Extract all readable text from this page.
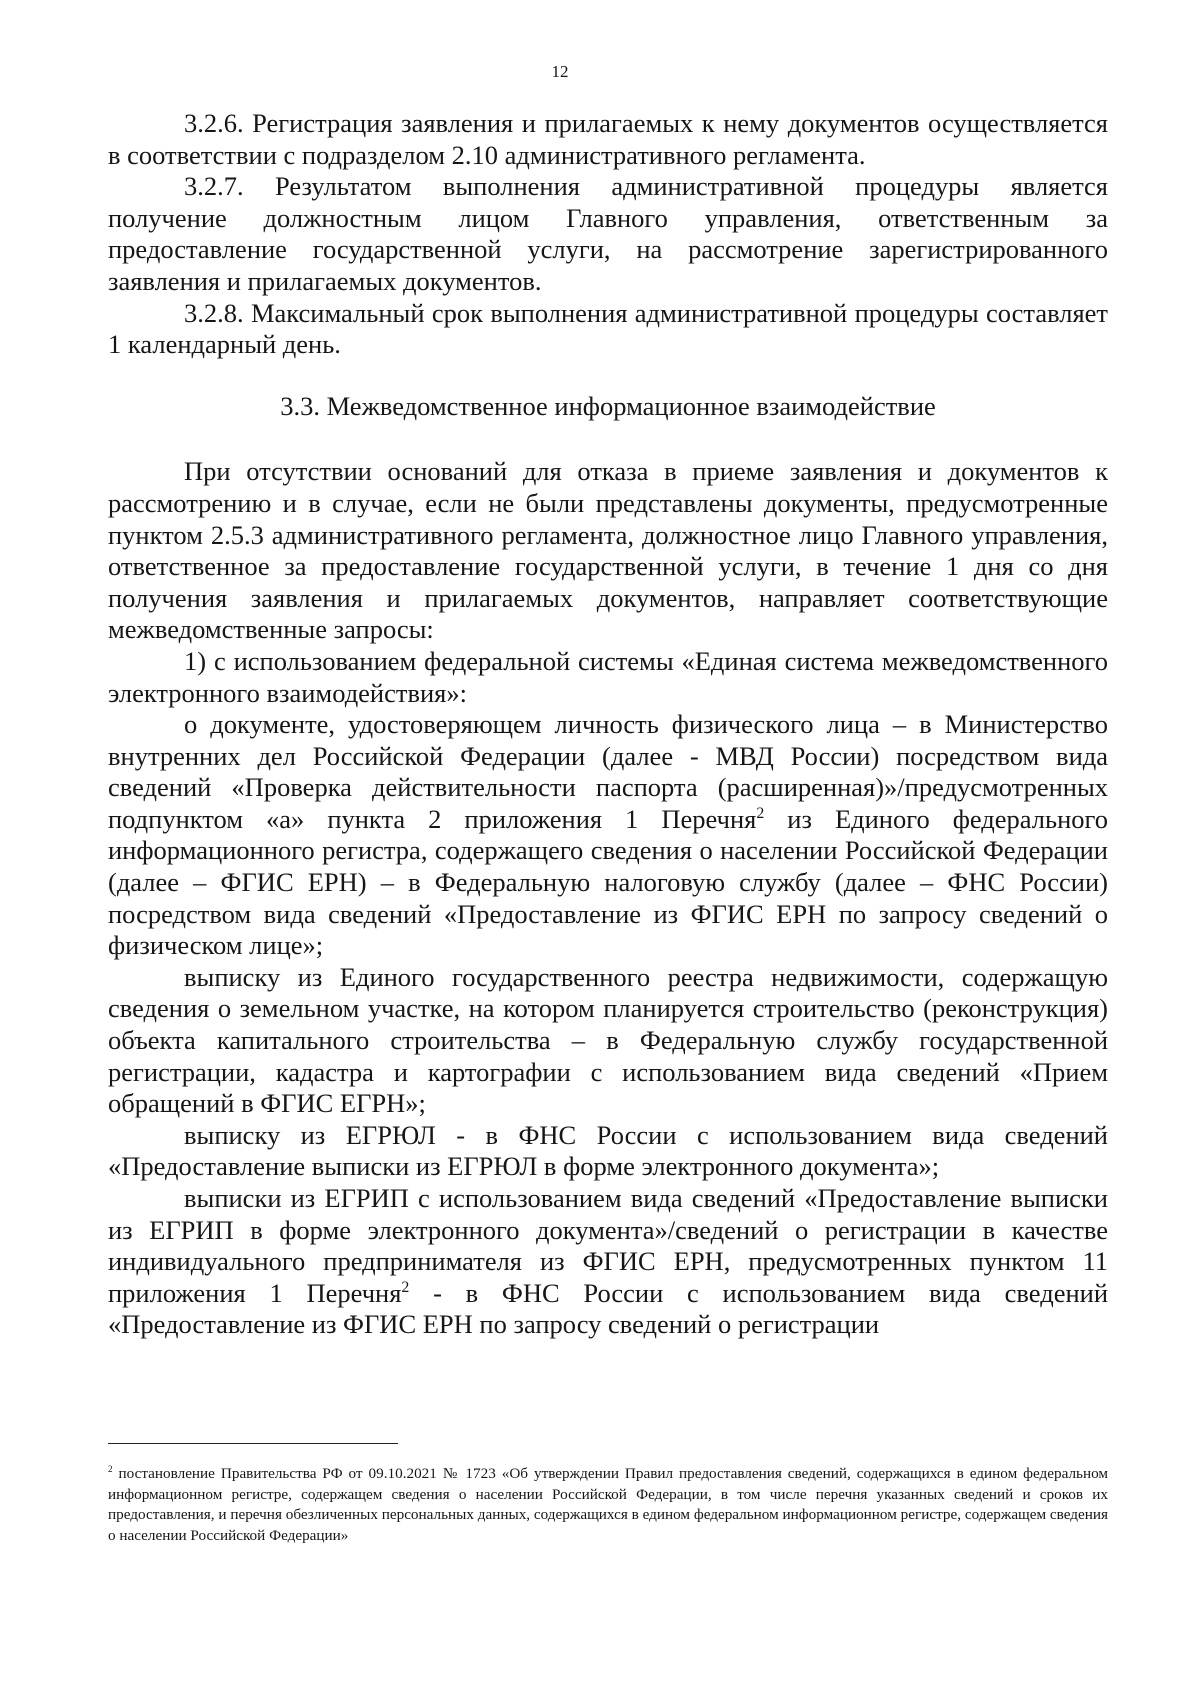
12

3.2.6. Регистрация заявления и прилагаемых к нему документов осуществляется в соответствии с подразделом 2.10 административного регламента.

3.2.7. Результатом выполнения административной процедуры является получение должностным лицом Главного управления, ответственным за предоставление государственной услуги, на рассмотрение зарегистрированного заявления и прилагаемых документов.

3.2.8. Максимальный срок выполнения административной процедуры составляет 1 календарный день.

3.3. Межведомственное информационное взаимодействие

При отсутствии оснований для отказа в приеме заявления и документов к рассмотрению и в случае, если не были представлены документы, предусмотренные пунктом 2.5.3 административного регламента, должностное лицо Главного управления, ответственное за предоставление государственной услуги, в течение 1 дня со дня получения заявления и прилагаемых документов, направляет соответствующие межведомственные запросы:

1) с использованием федеральной системы «Единая система межведомственного электронного взаимодействия»:

о документе, удостоверяющем личность физического лица – в Министерство внутренних дел Российской Федерации (далее - МВД России) посредством вида сведений «Проверка действительности паспорта (расширенная)»/предусмотренных подпунктом «а» пункта 2 приложения 1 Перечня$^2$ из Единого федерального информационного регистра, содержащего сведения о населении Российской Федерации (далее – ФГИС ЕРН) – в Федеральную налоговую службу (далее – ФНС России) посредством вида сведений «Предоставление из ФГИС ЕРН по запросу сведений о физическом лице»;

выписку из Единого государственного реестра недвижимости, содержащую сведения о земельном участке, на котором планируется строительство (реконструкция) объекта капитального строительства – в Федеральную службу государственной регистрации, кадастра и картографии с использованием вида сведений «Прием обращений в ФГИС ЕГРН»;

выписку из ЕГРЮЛ - в ФНС России с использованием вида сведений «Предоставление выписки из ЕГРЮЛ в форме электронного документа»;

выписки из ЕГРИП с использованием вида сведений «Предоставление выписки из ЕГРИП в форме электронного документа»/сведений о регистрации в качестве индивидуального предпринимателя из ФГИС ЕРН, предусмотренных пунктом 11 приложения 1 Перечня$^2$ - в ФНС России с использованием вида сведений «Предоставление из ФГИС ЕРН по запросу сведений о регистрации

$^2$ постановление Правительства РФ от 09.10.2021 № 1723 «Об утверждении Правил предоставления сведений, содержащихся в едином федеральном информационном регистре, содержащем сведения о населении Российской Федерации, в том числе перечня указанных сведений и сроков их предоставления, и перечня обезличенных персональных данных, содержащихся в едином федеральном информационном регистре, содержащем сведения о населении Российской Федерации»
